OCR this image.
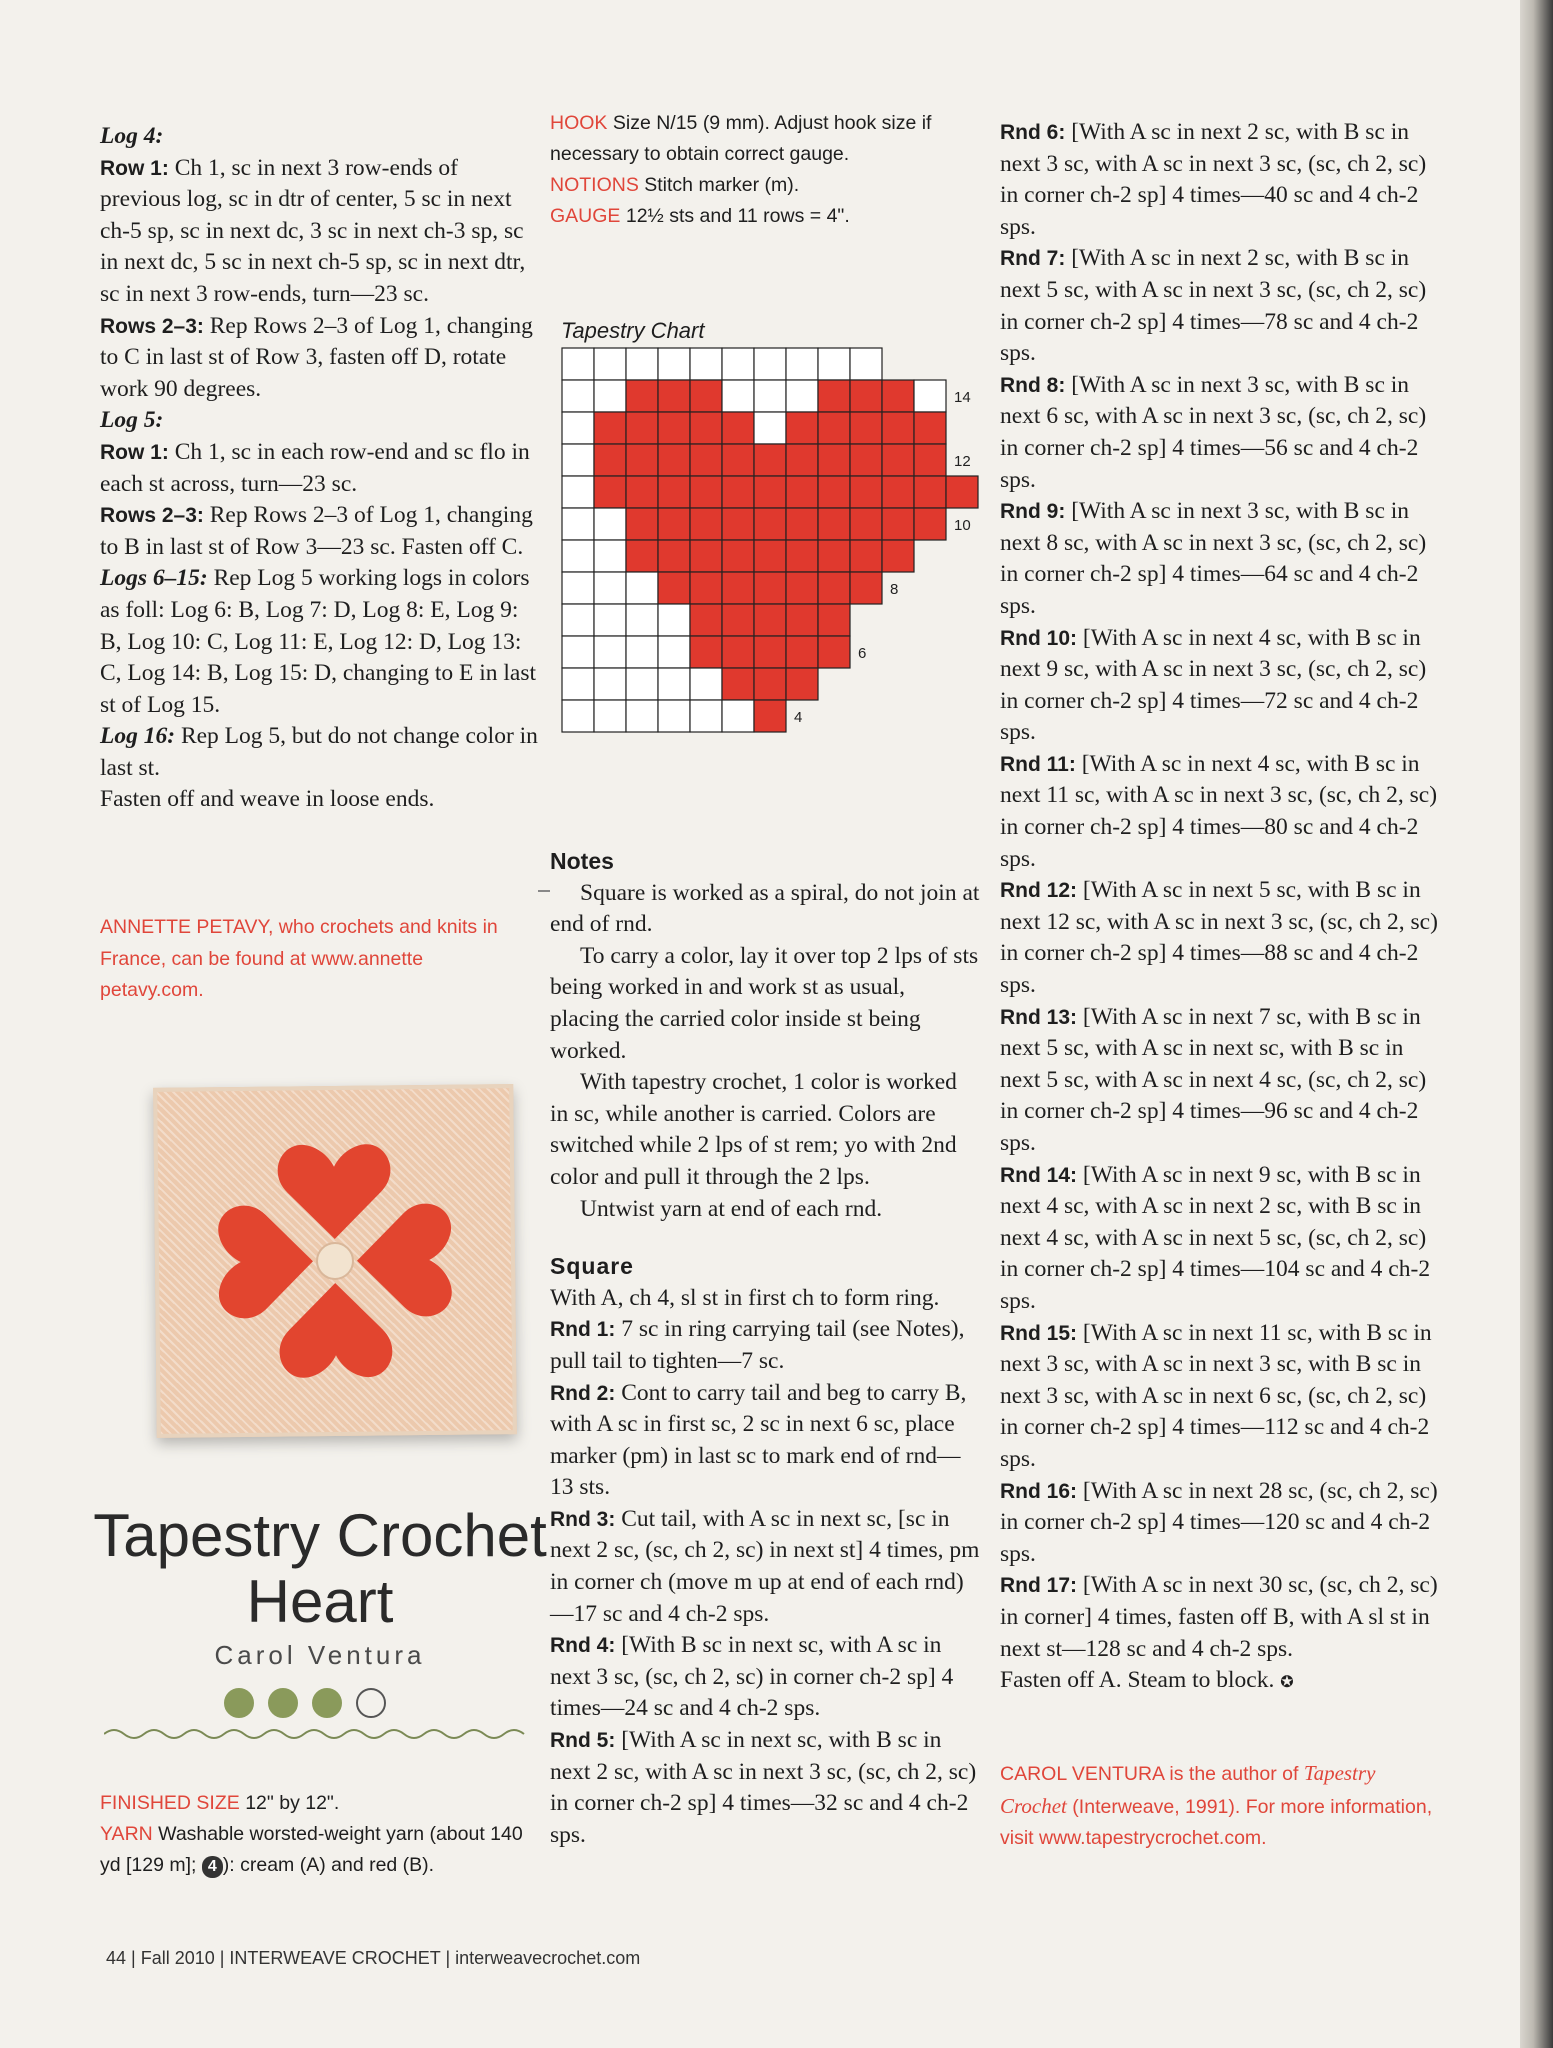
Log 4:

Row 1: Ch 1, sc in next 3 row-ends of previous log, sc in dtr of center, 5 sc in next ch-5 sp, sc in next dc, 3 sc in next ch-3 sp, sc in next dc, 5 sc in next ch-5 sp, sc in next dtr, sc in next 3 row-ends, turn—23 sc.

Rows 2–3: Rep Rows 2–3 of Log 1, changing to C in last st of Row 3, fasten off D, rotate work 90 degrees.

Log 5:

Row 1: Ch 1, sc in each row-end and sc flo in each st across, turn—23 sc.

Rows 2–3: Rep Rows 2–3 of Log 1, changing to B in last st of Row 3—23 sc. Fasten off C.

Logs 6–15: Rep Log 5 working logs in colors as foll: Log 6: B, Log 7: D, Log 8: E, Log 9: B, Log 10: C, Log 11: E, Log 12: D, Log 13: C, Log 14: B, Log 15: D, changing to E in last st of Log 15.

Log 16: Rep Log 5, but do not change color in last st.

Fasten off and weave in loose ends.

ANNETTE PETAVY, who crochets and knits in France, can be found at www.annette petavy.com.
Tapestry Crochet Heart
Carol Ventura

FINISHED SIZE 12" by 12".

YARN Washable worsted-weight yarn (about 140 yd [129 m]; 4 ): cream (A) and red (B).

HOOK Size N/15 (9 mm). Adjust hook size if necessary to obtain correct gauge.

NOTIONS Stitch marker (m).

GAUGE 12½ sts and 11 rows = 4".

Tapestry Chart
14
12
10
8
6
4
Notes

Square is worked as a spiral, do not join at end of rnd.

To carry a color, lay it over top 2 lps of sts being worked in and work st as usual, placing the carried color inside st being worked.

With tapestry crochet, 1 color is worked in sc, while another is carried. Colors are switched while 2 lps of st rem; yo with 2nd color and pull it through the 2 lps.

Untwist yarn at end of each rnd.

Square

With A, ch 4, sl st in first ch to form ring.

Rnd 1: 7 sc in ring carrying tail (see Notes), pull tail to tighten—7 sc.

Rnd 2: Cont to carry tail and beg to carry B, with A sc in first sc, 2 sc in next 6 sc, place marker (pm) in last sc to mark end of rnd—13 sts.

Rnd 3: Cut tail, with A sc in next sc, [sc in next 2 sc, (sc, ch 2, sc) in next st] 4 times, pm in corner ch (move m up at end of each rnd)—17 sc and 4 ch-2 sps.

Rnd 4: [With B sc in next sc, with A sc in next 3 sc, (sc, ch 2, sc) in corner ch-2 sp] 4 times—24 sc and 4 ch-2 sps.

Rnd 5: [With A sc in next sc, with B sc in next 2 sc, with A sc in next 3 sc, (sc, ch 2, sc) in corner ch-2 sp] 4 times—32 sc and 4 ch-2 sps.

Rnd 6: [With A sc in next 2 sc, with B sc in next 3 sc, with A sc in next 3 sc, (sc, ch 2, sc) in corner ch-2 sp] 4 times—40 sc and 4 ch-2 sps.

Rnd 7: [With A sc in next 2 sc, with B sc in next 5 sc, with A sc in next 3 sc, (sc, ch 2, sc) in corner ch-2 sp] 4 times—78 sc and 4 ch-2 sps.

Rnd 8: [With A sc in next 3 sc, with B sc in next 6 sc, with A sc in next 3 sc, (sc, ch 2, sc) in corner ch-2 sp] 4 times—56 sc and 4 ch-2 sps.

Rnd 9: [With A sc in next 3 sc, with B sc in next 8 sc, with A sc in next 3 sc, (sc, ch 2, sc) in corner ch-2 sp] 4 times—64 sc and 4 ch-2 sps.

Rnd 10: [With A sc in next 4 sc, with B sc in next 9 sc, with A sc in next 3 sc, (sc, ch 2, sc) in corner ch-2 sp] 4 times—72 sc and 4 ch-2 sps.

Rnd 11: [With A sc in next 4 sc, with B sc in next 11 sc, with A sc in next 3 sc, (sc, ch 2, sc) in corner ch-2 sp] 4 times—80 sc and 4 ch-2 sps.

Rnd 12: [With A sc in next 5 sc, with B sc in next 12 sc, with A sc in next 3 sc, (sc, ch 2, sc) in corner ch-2 sp] 4 times—88 sc and 4 ch-2 sps.

Rnd 13: [With A sc in next 7 sc, with B sc in next 5 sc, with A sc in next sc, with B sc in next 5 sc, with A sc in next 4 sc, (sc, ch 2, sc) in corner ch-2 sp] 4 times—96 sc and 4 ch-2 sps.

Rnd 14: [With A sc in next 9 sc, with B sc in next 4 sc, with A sc in next 2 sc, with B sc in next 4 sc, with A sc in next 5 sc, (sc, ch 2, sc) in corner ch-2 sp] 4 times—104 sc and 4 ch-2 sps.

Rnd 15: [With A sc in next 11 sc, with B sc in next 3 sc, with A sc in next 3 sc, with B sc in next 3 sc, with A sc in next 6 sc, (sc, ch 2, sc) in corner ch-2 sp] 4 times—112 sc and 4 ch-2 sps.

Rnd 16: [With A sc in next 28 sc, (sc, ch 2, sc) in corner ch-2 sp] 4 times—120 sc and 4 ch-2 sps.

Rnd 17: [With A sc in next 30 sc, (sc, ch 2, sc) in corner] 4 times, fasten off B, with A sl st in next st—128 sc and 4 ch-2 sps.

Fasten off A. Steam to block. ✪

CAROL VENTURA is the author of Tapestry Crochet (Interweave, 1991). For more information, visit www.tapestrycrochet.com.
44 | Fall 2010 | INTERWEAVE CROCHET | interweavecrochet.com
